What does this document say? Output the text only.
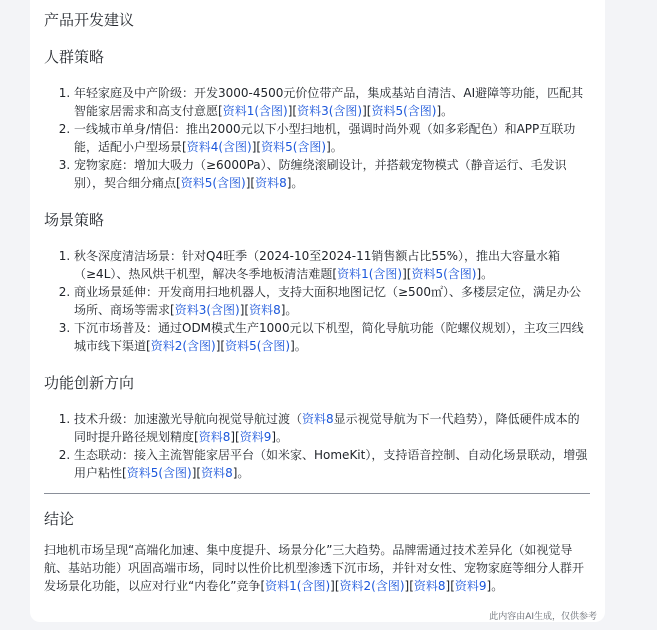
产品开发建议
人群策略
1. 年轻家庭及中产阶级：开发3000-4500元价位带产品，集成基站自清洁、AI避障等功能，匹配其智能家居需求和高支付意愿[资料1(含图)][资料3(含图)][资料5(含图)]。
2. 一线城市单身/情侣：推出2000元以下小型扫地机，强调时尚外观（如多彩配色）和APP互联功能，适配小户型场景[资料4(含图)][资料5(含图)]。
3. 宠物家庭：增加大吸力（≥6000Pa）、防缠绕滚刷设计，并搭载宠物模式（静音运行、毛发识别），契合细分痛点[资料5(含图)][资料8]。
场景策略
1. 秋冬深度清洁场景：针对Q4旺季（2024-10至2024-11销售额占比55%），推出大容量水箱（≥4L）、热风烘干机型，解决冬季地板清洁难题[资料1(含图)][资料5(含图)]。
2. 商业场景延伸：开发商用扫地机器人，支持大面积地图记忆（≥500㎡）、多楼层定位，满足办公场所、商场等需求[资料3(含图)][资料8]。
3. 下沉市场普及：通过ODM模式生产1000元以下机型，简化导航功能（陀螺仪规划），主攻三四线城市线下渠道[资料2(含图)][资料5(含图)]。
功能创新方向
1. 技术升级：加速激光导航向视觉导航过渡（资料8显示视觉导航为下一代趋势），降低硬件成本的同时提升路径规划精度[资料8][资料9]。
2. 生态联动：接入主流智能家居平台（如米家、HomeKit），支持语音控制、自动化场景联动，增强用户粘性[资料5(含图)][资料8]。
结论

扫地机市场呈现“高端化加速、集中度提升、场景分化”三大趋势。品牌需通过技术差异化（如视觉导航、基站功能）巩固高端市场，同时以性价比机型渗透下沉市场，并针对女性、宠物家庭等细分人群开发场景化功能，以应对行业“内卷化”竞争[资料1(含图)][资料2(含图)][资料8][资料9]。

此内容由AI生成，仅供参考
